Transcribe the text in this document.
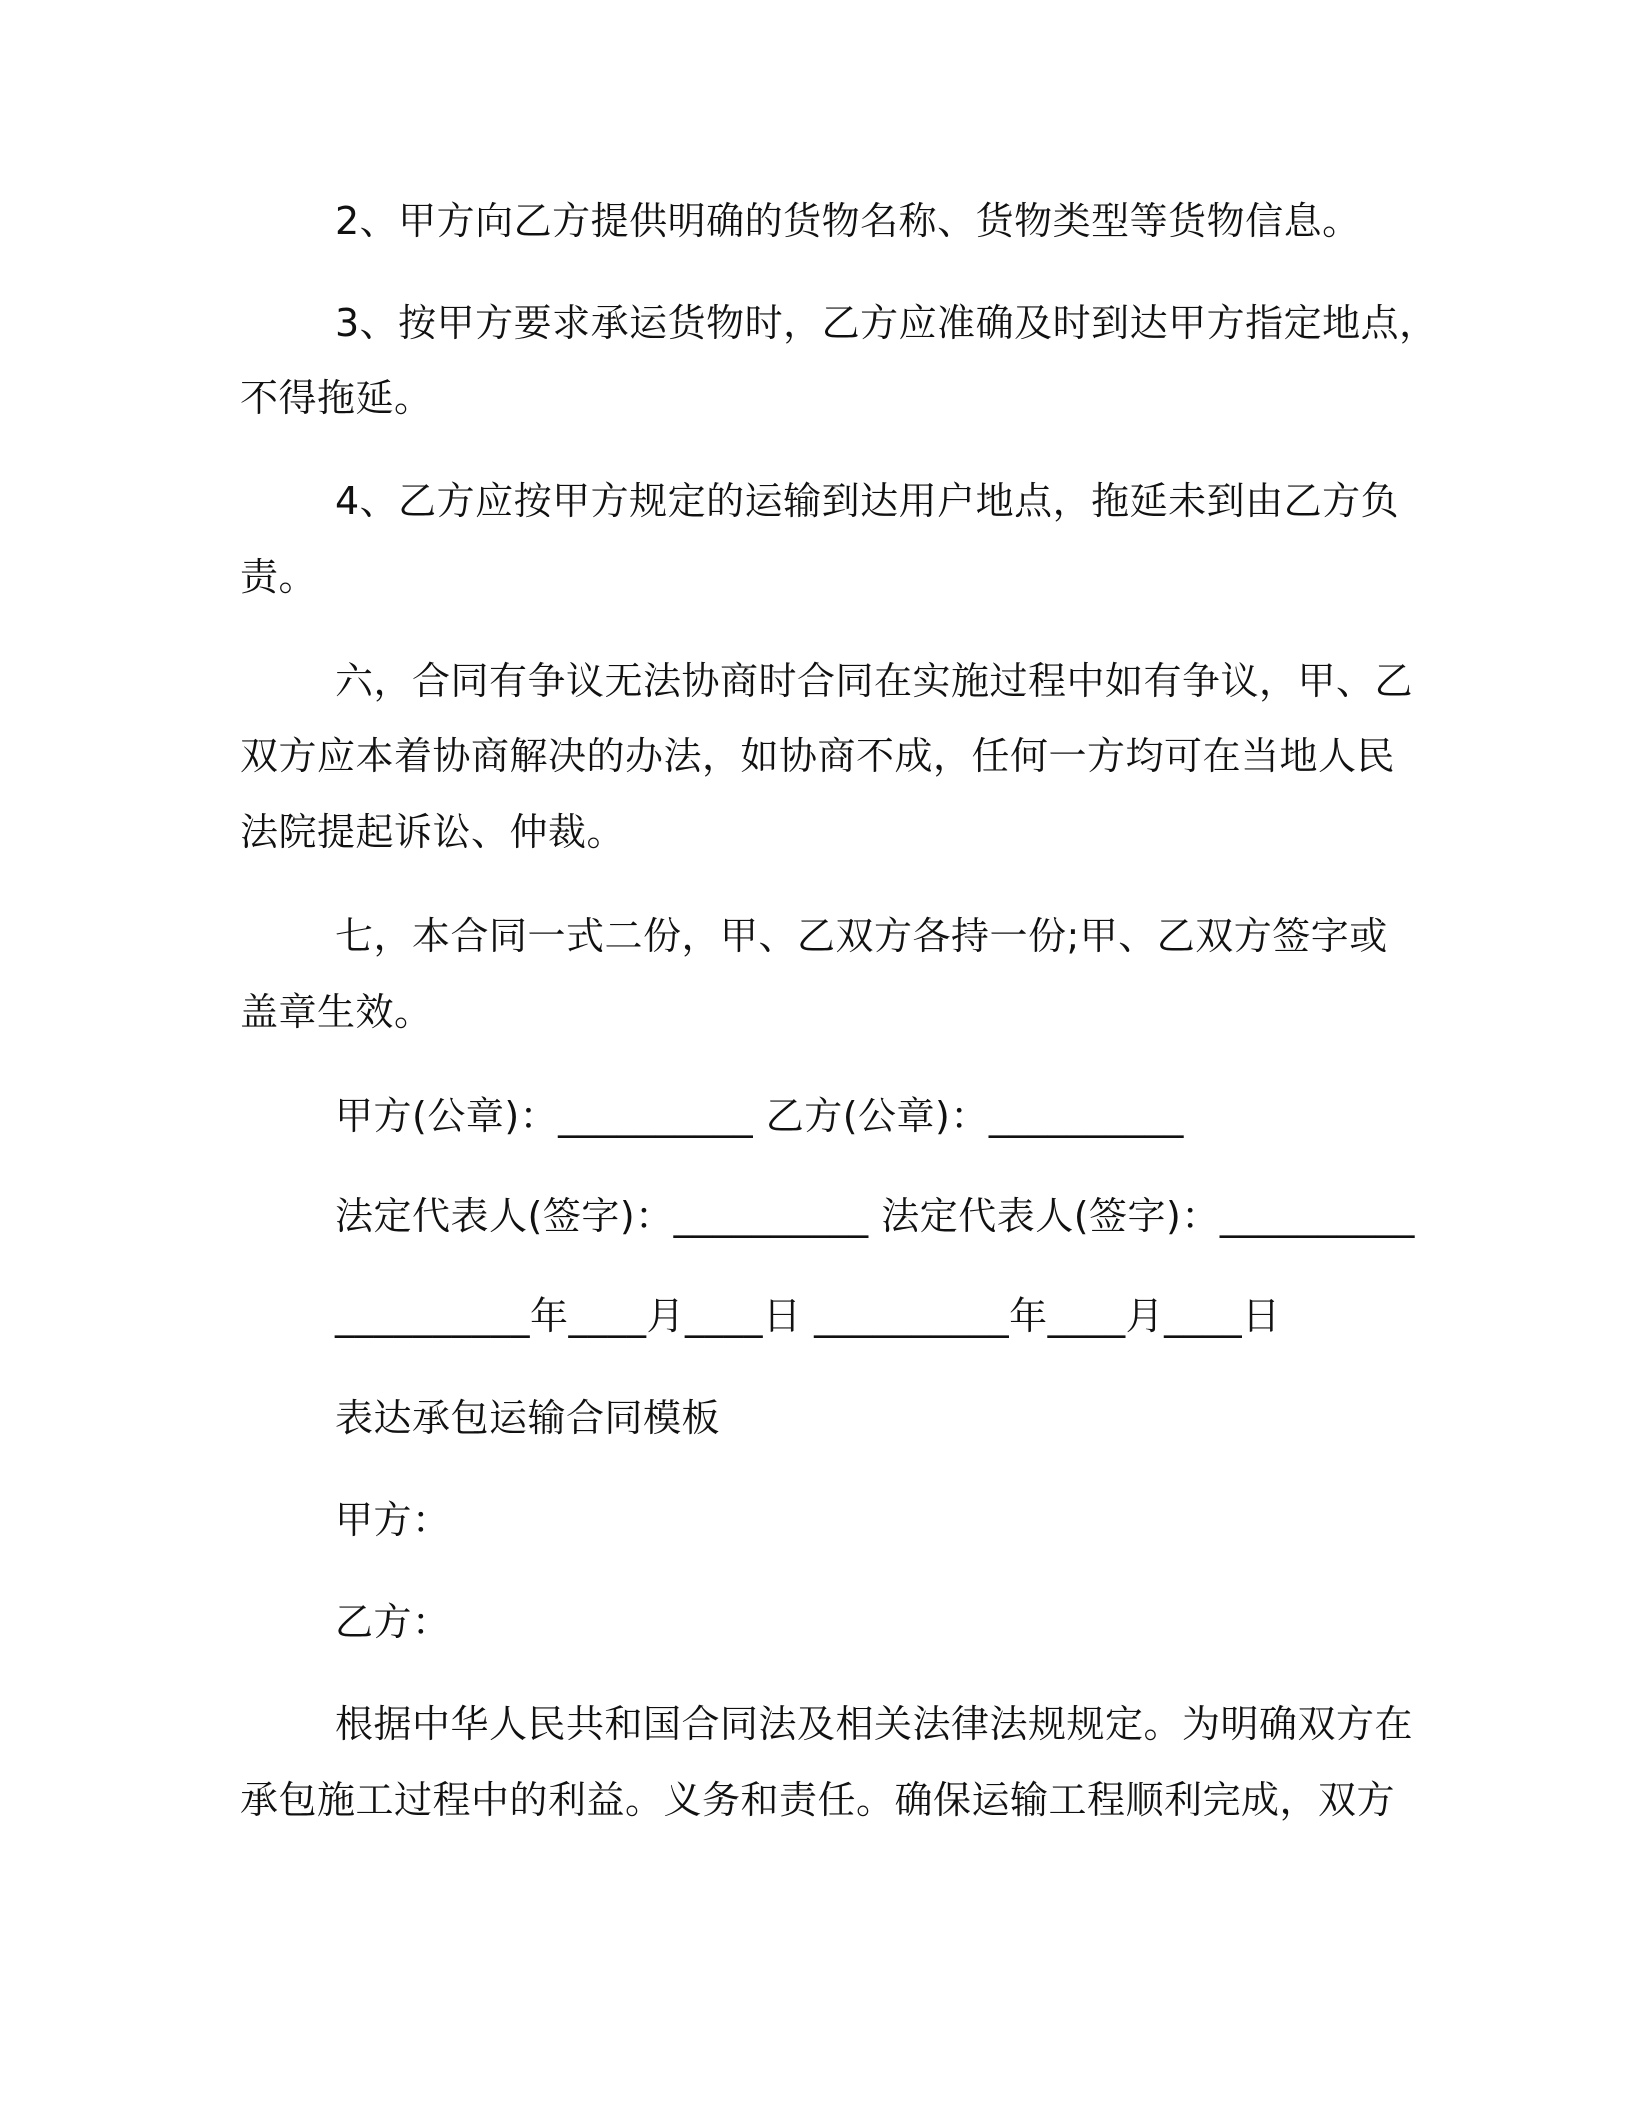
2、甲方向乙方提供明确的货物名称、货物类型等货物信息。
3、按甲方要求承运货物时，乙方应准确及时到达甲方指定地点，
不得拖延。
4、乙方应按甲方规定的运输到达用户地点，拖延未到由乙方负
责。
六，合同有争议无法协商时合同在实施过程中如有争议，甲、乙
双方应本着协商解决的办法，如协商不成，任何一方均可在当地人民
法院提起诉讼、仲裁。
七，本合同一式二份，甲、乙双方各持一份;甲、乙双方签字或
盖章生效。
甲方(公章)：__________ 乙方(公章)：__________
法定代表人(签字)：__________ 法定代表人(签字)：__________
__________年____月____日 __________年____月____日
表达承包运输合同模板
甲方：
乙方：
根据中华人民共和国合同法及相关法律法规规定。为明确双方在
承包施工过程中的利益。义务和责任。确保运输工程顺利完成，双方
